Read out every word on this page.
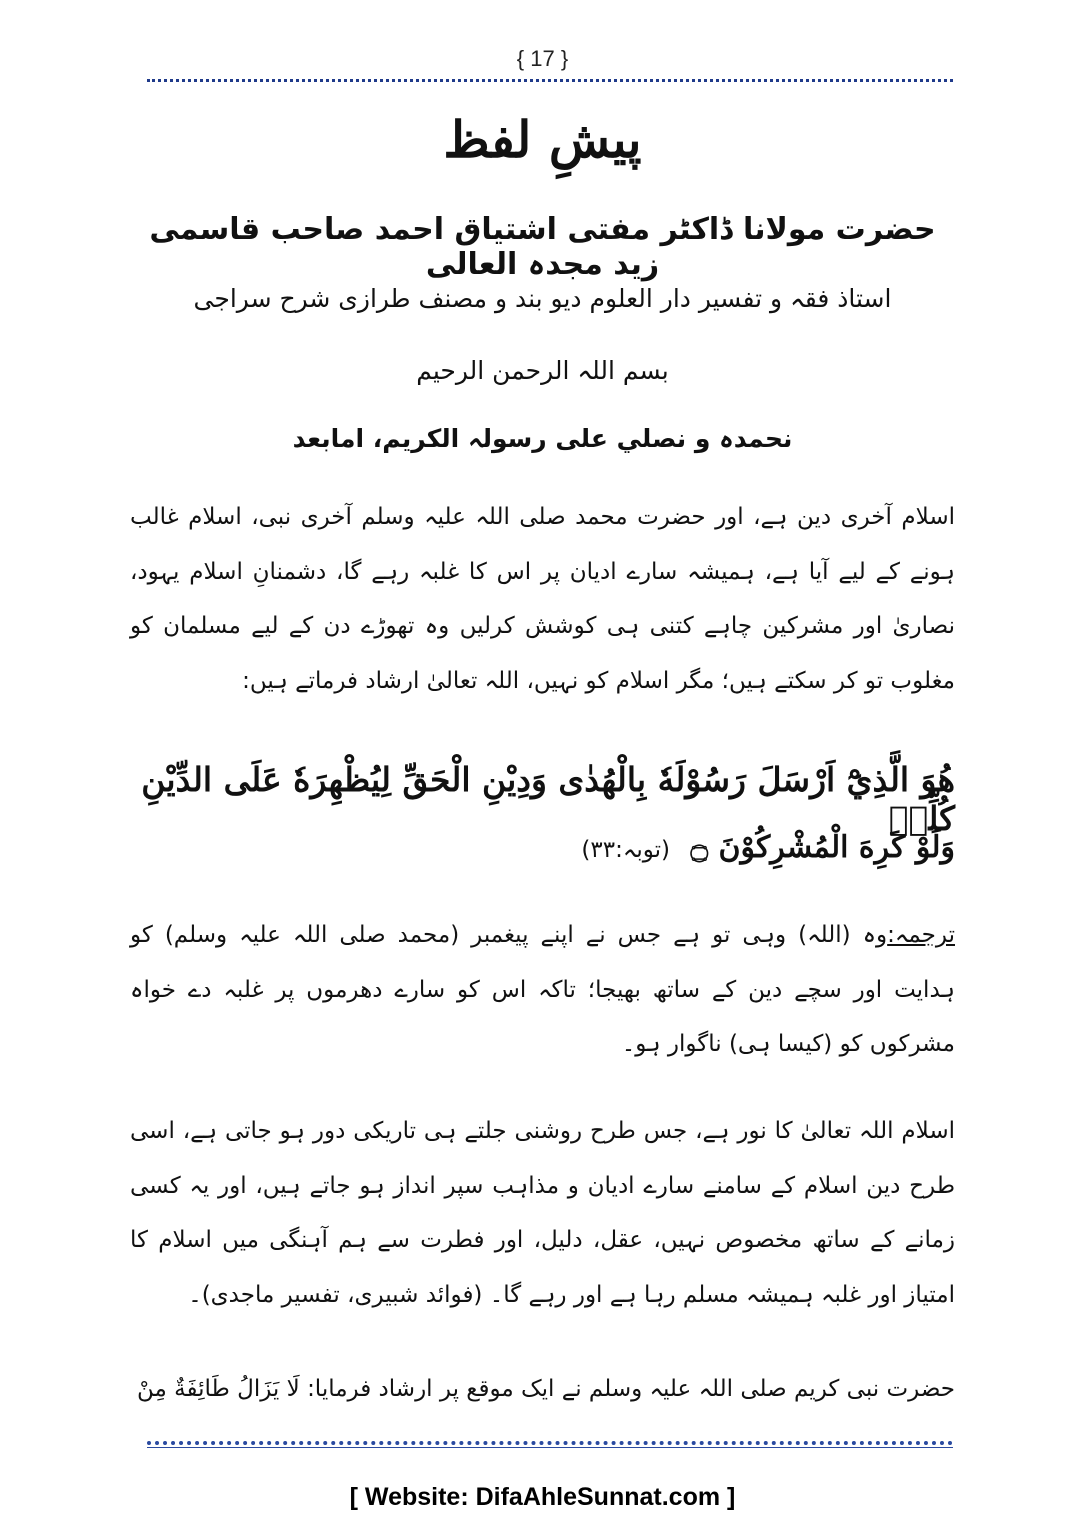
{ 17 }
پیشِ لفظ
حضرت مولانا ڈاکٹر مفتی اشتیاق احمد صاحب قاسمی زید مجدہ العالی
استاذ فقہ و تفسیر دار العلوم دیو بند و مصنف طرازی شرح سراجی
بسم اللہ الرحمن الرحیم
نحمدہ و نصلي علی رسولہ الکریم، امابعد

اسلام آخری دین ہے، اور حضرت محمد صلی اللہ علیہ وسلم آخری نبی، اسلام غالب ہونے کے لیے آیا ہے، ہمیشہ سارے ادیان پر اس کا غلبہ رہے گا، دشمنانِ اسلام یہود، نصاریٰ اور مشرکین چاہے کتنی ہی کوشش کرلیں وہ تھوڑے دن کے لیے مسلمان کو مغلوب تو کر سکتے ہیں؛ مگر اسلام کو نہیں، اللہ تعالیٰ ارشاد فرماتے ہیں:

هُوَ الَّذِيْٓ اَرْسَلَ رَسُوْلَهٗ بِالْهُدٰى وَدِيْنِ الْحَقِّ لِيُظْهِرَهٗ عَلَى الدِّيْنِ كُلِّهٖ
وَلَوْ كَرِهَ الْمُشْرِكُوْنَ ۝ (توبہ:۳۳)

ترجمہ:وہ (اللہ) وہی تو ہے جس نے اپنے پیغمبر (محمد صلی اللہ علیہ وسلم) کو ہدایت اور سچے دین کے ساتھ بھیجا؛ تاکہ اس کو سارے دھرموں پر غلبہ دے خواہ مشرکوں کو (کیسا ہی) ناگوار ہو۔

اسلام اللہ تعالیٰ کا نور ہے، جس طرح روشنی جلتے ہی تاریکی دور ہو جاتی ہے، اسی طرح دین اسلام کے سامنے سارے ادیان و مذاہب سپر انداز ہو جاتے ہیں، اور یہ کسی زمانے کے ساتھ مخصوص نہیں، عقل، دلیل، اور فطرت سے ہم آہنگی میں اسلام کا امتیاز اور غلبہ ہمیشہ مسلم رہا ہے اور رہے گا۔ (فوائد شبیری، تفسیر ماجدی)۔

حضرت نبی کریم صلی اللہ علیہ وسلم نے ایک موقع پر ارشاد فرمایا: لَا يَزَالُ طَائِفَةٌ مِنْ

[ Website: DifaAhleSunnat.com ]
